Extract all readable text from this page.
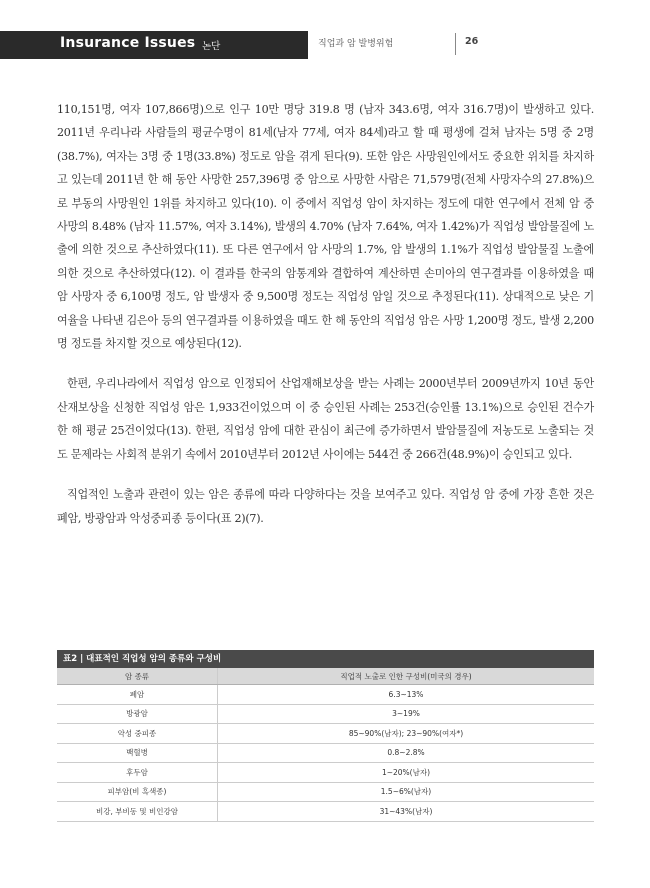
Insurance Issues 논단	직업과 암 발병위험	26

110,151명, 여자 107,866명)으로 인구 10만 명당 319.8 명 (남자 343.6명, 여자 316.7명)이 발생하고 있다. 2011년 우리나라 사람들의 평균수명이 81세(남자 77세, 여자 84세)라고 할 때 평생에 걸쳐 남자는 5명 중 2명(38.7%), 여자는 3명 중 1명(33.8%) 정도로 암을 겪게 된다(9). 또한 암은 사망원인에서도 중요한 위치를 차지하고 있는데 2011년 한 해 동안 사망한 257,396명 중 암으로 사망한 사람은 71,579명(전체 사망자수의 27.8%)으로 부동의 사망원인 1위를 차지하고 있다(10). 이 중에서 직업성 암이 차지하는 정도에 대한 연구에서 전체 암 중 사망의 8.48% (남자 11.57%, 여자 3.14%), 발생의 4.70% (남자 7.64%, 여자 1.42%)가 직업성 발암물질에 노출에 의한 것으로 추산하였다(11). 또 다른 연구에서 암 사망의 1.7%, 암 발생의 1.1%가 직업성 발암물질 노출에 의한 것으로 추산하였다(12). 이 결과를 한국의 암통계와 결합하여 계산하면 손미아의 연구결과를 이용하였을 때 암 사망자 중 6,100명 정도, 암 발생자 중 9,500명 정도는 직업성 암일 것으로 추정된다(11). 상대적으로 낮은 기여율을 나타낸 김은아 등의 연구결과를 이용하였을 때도 한 해 동안의 직업성 암은 사망 1,200명 정도, 발생 2,200명 정도를 차지할 것으로 예상된다(12).

한편, 우리나라에서 직업성 암으로 인정되어 산업재해보상을 받는 사례는 2000년부터 2009년까지 10년 동안 산재보상을 신청한 직업성 암은 1,933건이었으며 이 중 승인된 사례는 253건(승인률 13.1%)으로 승인된 건수가 한 해 평균 25건이었다(13). 한편, 직업성 암에 대한 관심이 최근에 증가하면서 발암물질에 저농도로 노출되는 것도 문제라는 사회적 분위기 속에서 2010년부터 2012년 사이에는 544건 중 266건(48.9%)이 승인되고 있다.

직업적인 노출과 관련이 있는 암은 종류에 따라 다양하다는 것을 보여주고 있다. 직업성 암 중에 가장 흔한 것은 폐암, 방광암과 악성중피종 등이다(표 2)(7).

표2 | 대표적인 직업성 암의 종류와 구성비
암 종류	직업적 노출로 인한 구성비(미국의 경우)
폐암	6.3~13%
방광암	3~19%
악성 중피종	85~90%(남자); 23~90%(여자*)
백혈병	0.8~2.8%
후두암	1~20%(남자)
피부암(비 흑색종)	1.5~6%(남자)
비강, 부비동 및 비인강암	31~43%(남자)
